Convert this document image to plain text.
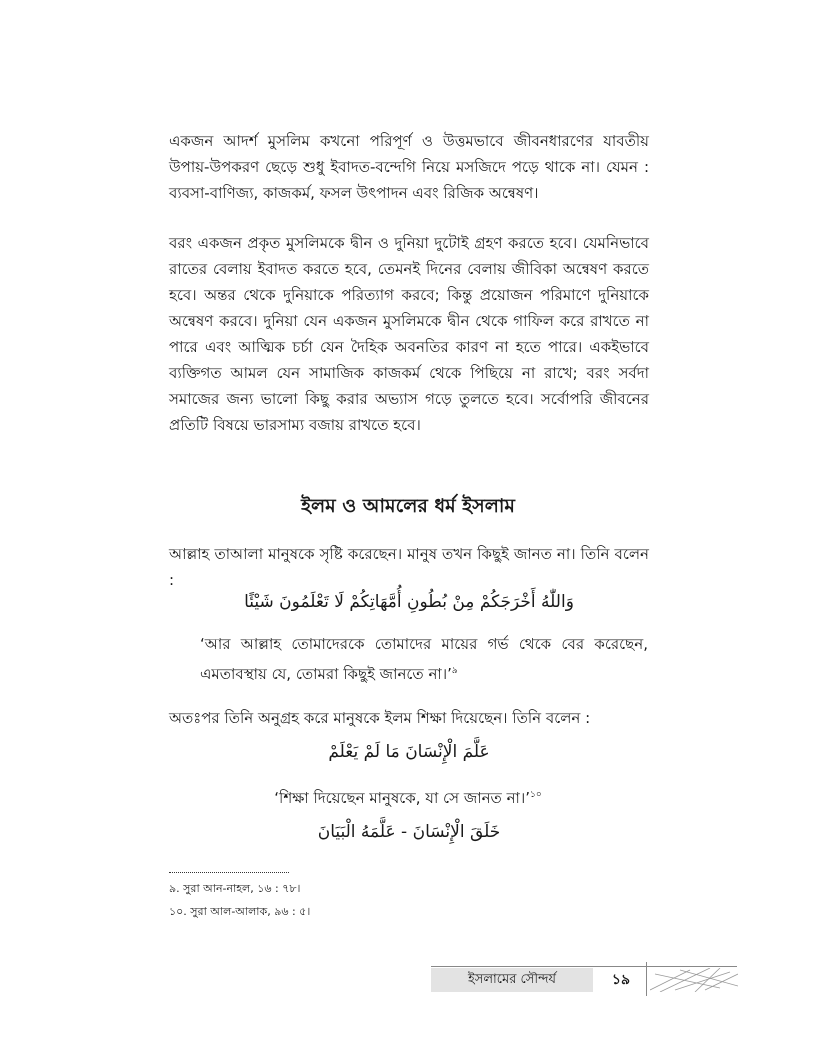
একজন আদর্শ মুসলিম কখনো পরিপূর্ণ ও উত্তমভাবে জীবনধারণের যাবতীয় উপায়-উপকরণ ছেড়ে শুধু ইবাদত-বন্দেগি নিয়ে মসজিদে পড়ে থাকে না। যেমন : ব্যবসা-বাণিজ্য, কাজকর্ম, ফসল উৎপাদন এবং রিজিক অন্বেষণ।

বরং একজন প্রকৃত মুসলিমকে দ্বীন ও দুনিয়া দুটোই গ্রহণ করতে হবে। যেমনিভাবে রাতের বেলায় ইবাদত করতে হবে, তেমনই দিনের বেলায় জীবিকা অন্বেষণ করতে হবে। অন্তর থেকে দুনিয়াকে পরিত্যাগ করবে; কিন্তু প্রয়োজন পরিমাণে দুনিয়াকে অন্বেষণ করবে। দুনিয়া যেন একজন মুসলিমকে দ্বীন থেকে গাফিল করে রাখতে না পারে এবং আত্মিক চর্চা যেন দৈহিক অবনতির কারণ না হতে পারে। একইভাবে ব্যক্তিগত আমল যেন সামাজিক কাজকর্ম থেকে পিছিয়ে না রাখে; বরং সর্বদা সমাজের জন্য ভালো কিছু করার অভ্যাস গড়ে তুলতে হবে। সর্বোপরি জীবনের প্রতিটি বিষয়ে ভারসাম্য বজায় রাখতে হবে।

ইলম ও আমলের ধর্ম ইসলাম

আল্লাহ তাআলা মানুষকে সৃষ্টি করেছেন। মানুষ তখন কিছুই জানত না। তিনি বলেন :

وَاللّٰهُ أَخْرَجَكُمْ مِنْ بُطُونِ أُمَّهَاتِكُمْ لَا تَعْلَمُونَ شَيْئًا

‘আর আল্লাহ তোমাদেরকে তোমাদের মায়ের গর্ভ থেকে বের করেছেন, এমতাবস্থায় যে, তোমরা কিছুই জানতে না।’$^৯$

অতঃপর তিনি অনুগ্রহ করে মানুষকে ইলম শিক্ষা দিয়েছেন। তিনি বলেন :

عَلَّمَ الْإِنْسَانَ مَا لَمْ يَعْلَمْ

‘শিক্ষা দিয়েছেন মানুষকে, যা সে জানত না।’$^{১০}$

خَلَقَ الْإِنْسَانَ - عَلَّمَهُ الْبَيَانَ

৯. সুরা আন-নাহল, ১৬ : ৭৮।

১০. সুরা আল-আলাক, ৯৬ : ৫।

ইসলামের সৌন্দর্য	১৯
